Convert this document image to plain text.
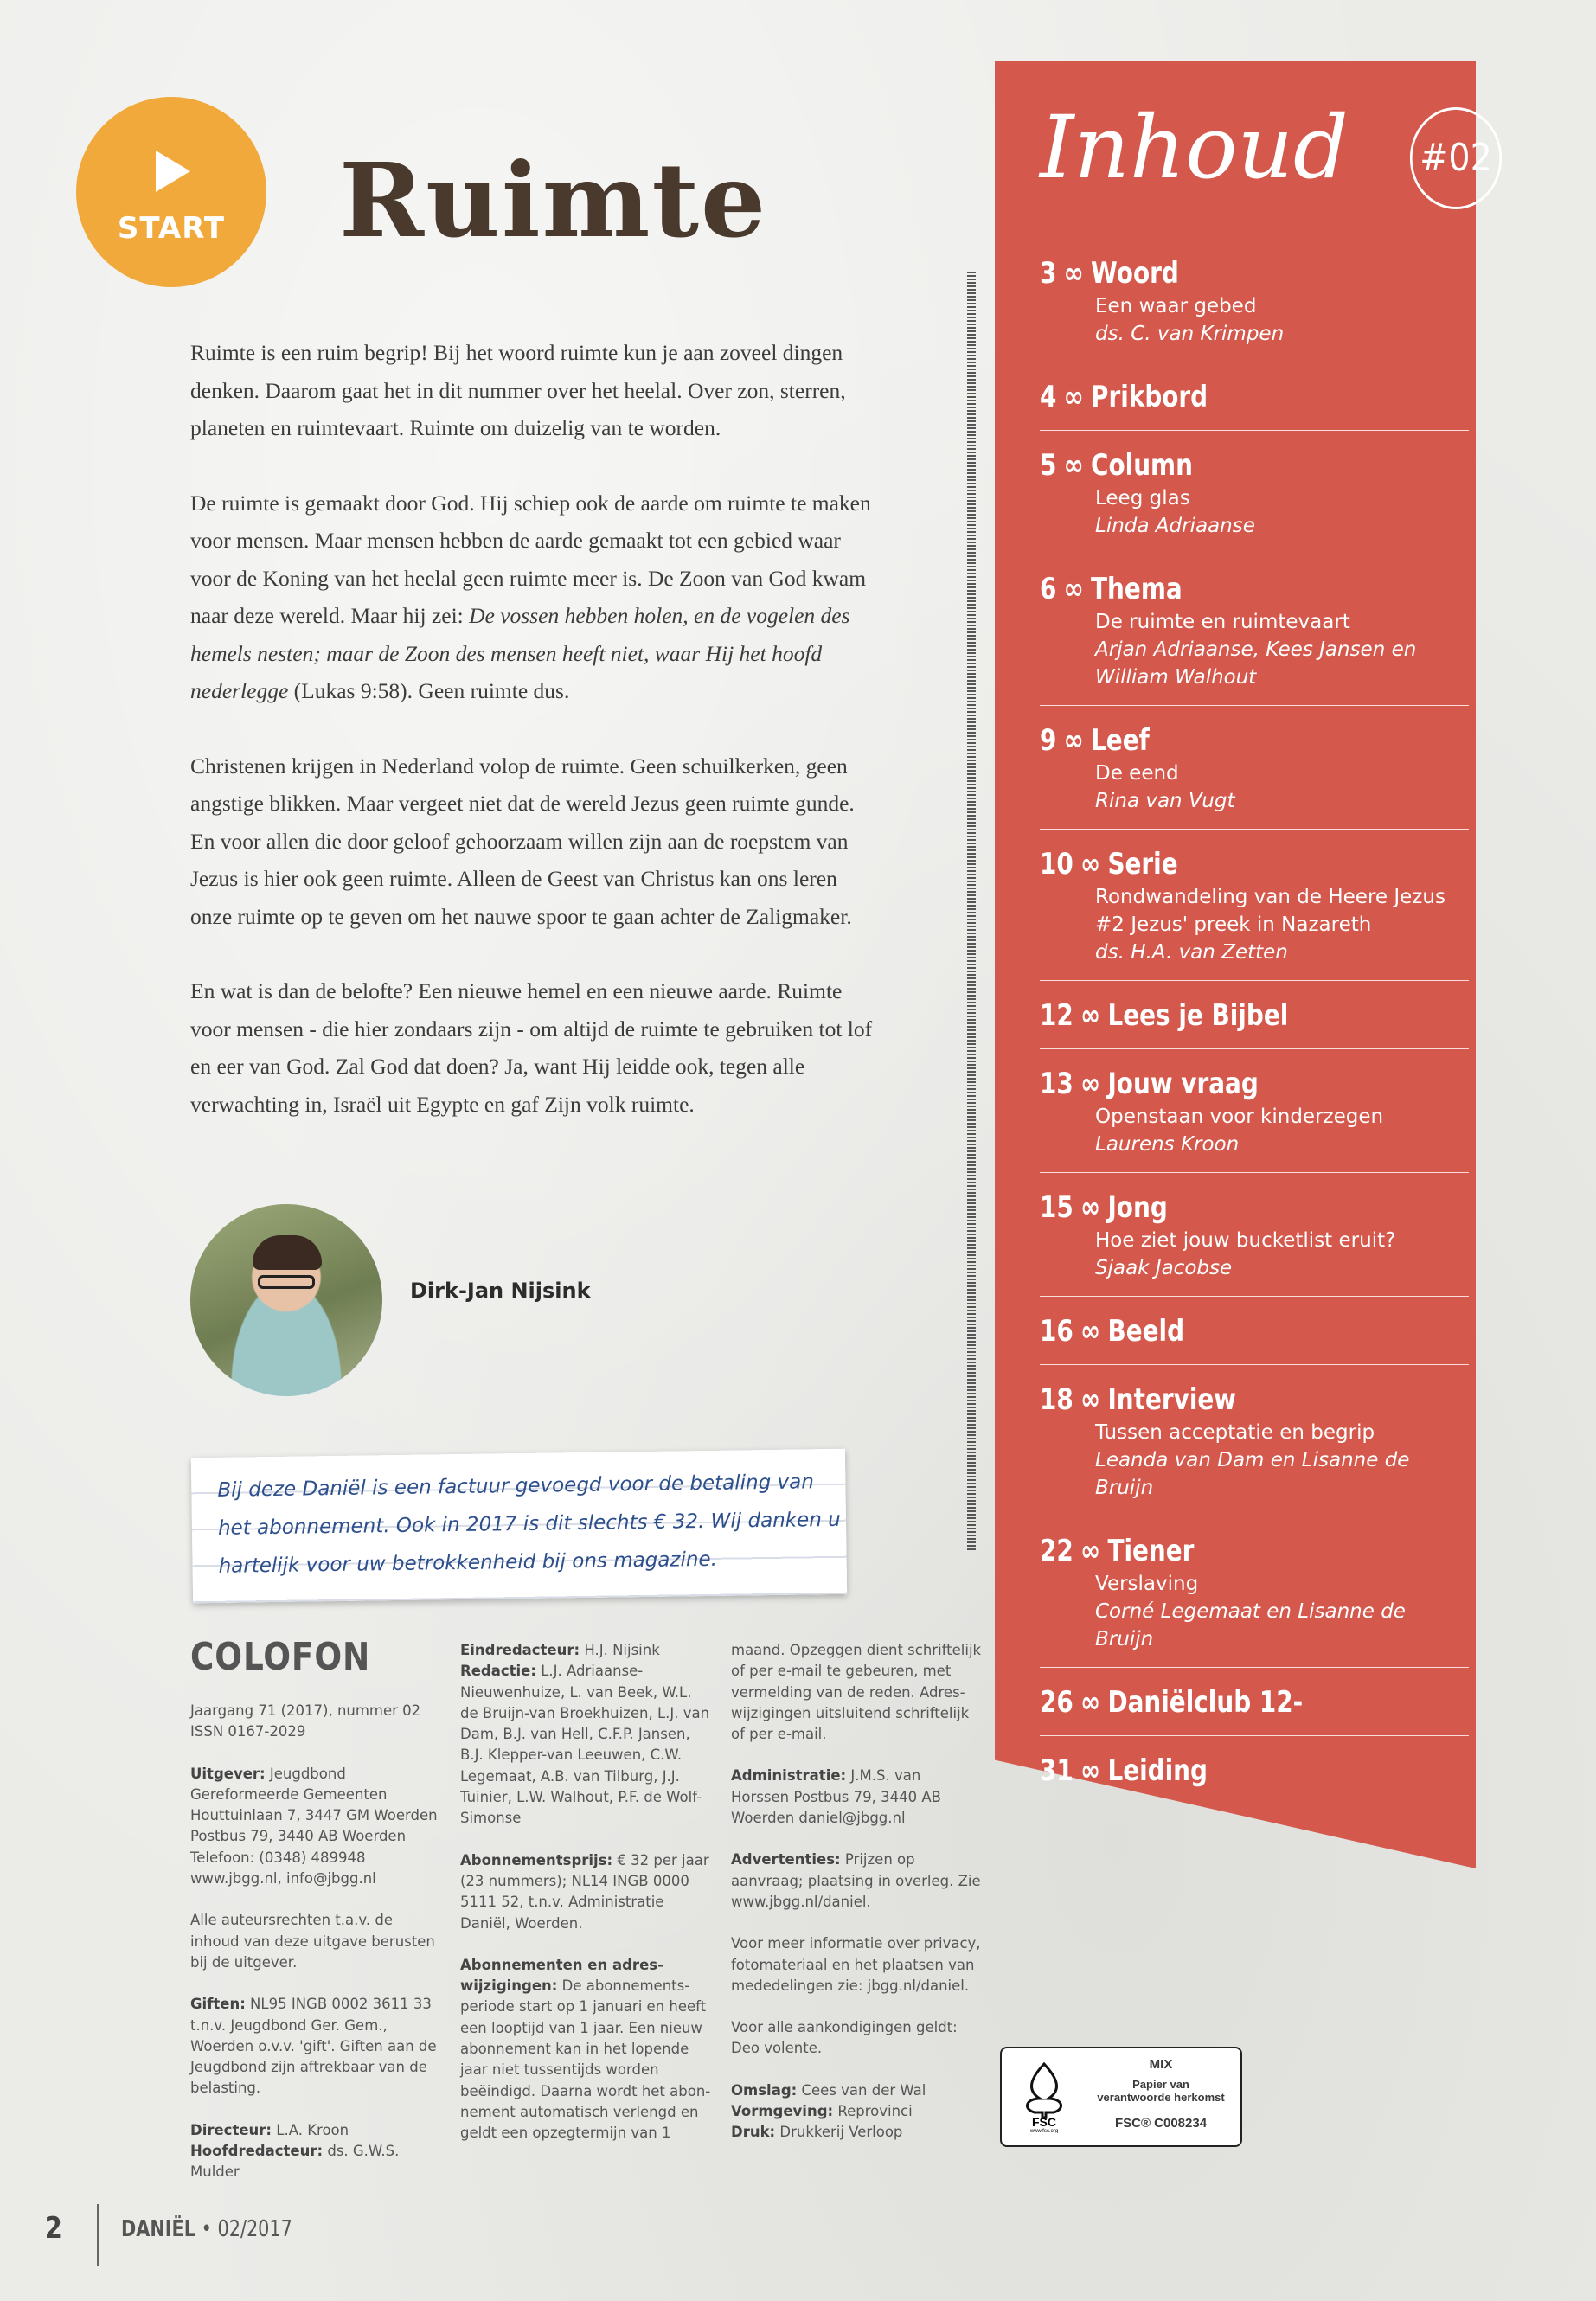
START	Ruimte

Ruimte is een ruim begrip! Bij het woord ruimte kun je aan zoveel dingen denken. Daarom gaat het in dit nummer over het heelal. Over zon, sterren, planeten en ruimtevaart. Ruimte om duizelig van te worden.

De ruimte is gemaakt door God. Hij schiep ook de aarde om ruimte te maken voor mensen. Maar mensen hebben de aarde gemaakt tot een gebied waar voor de Koning van het heelal geen ruimte meer is. De Zoon van God kwam naar deze wereld. Maar hij zei: De vossen hebben holen, en de vogelen des hemels nesten; maar de Zoon des mensen heeft niet, waar Hij het hoofd nederlegge (Lukas 9:58). Geen ruimte dus.

Christenen krijgen in Nederland volop de ruimte. Geen schuilkerken, geen angstige blikken. Maar vergeet niet dat de wereld Jezus geen ruimte gunde. En voor allen die door geloof gehoorzaam willen zijn aan de roepstem van Jezus is hier ook geen ruimte. Alleen de Geest van Christus kan ons leren onze ruimte op te geven om het nauwe spoor te gaan achter de Zaligmaker.

En wat is dan de belofte? Een nieuwe hemel en een nieuwe aarde. Ruimte voor mensen - die hier zondaars zijn - om altijd de ruimte te gebruiken tot lof en eer van God. Zal God dat doen? Ja, want Hij leidde ook, tegen alle verwachting in, Israël uit Egypte en gaf Zijn volk ruimte.

Dirk-Jan Nijsink
Bij deze Daniël is een factuur gevoegd voor de betaling van het abonnement. Ook in 2017 is dit slechts € 32. Wij danken u hartelijk voor uw betrokkenheid bij ons magazine.
COLOFON

Jaargang 71 (2017), nummer 02
ISSN 0167-2029

Uitgever: Jeugdbond Gereformeerde Gemeenten Houttuinlaan 7, 3447 GM Woerden Postbus 79, 3440 AB Woerden Telefoon: (0348) 489948 www.jbgg.nl, info@jbgg.nl

Alle auteursrechten t.a.v. de inhoud van deze uitgave berusten bij de uitgever.

Giften: NL95 INGB 0002 3611 33 t.n.v. Jeugdbond Ger. Gem., Woerden o.v.v. 'gift'. Giften aan de Jeugdbond zijn aftrekbaar van de belasting.

Directeur: L.A. Kroon
Hoofdredacteur: ds. G.W.S. Mulder

Eindredacteur: H.J. Nijsink
Redactie: L.J. Adriaanse-Nieuwenhuize, L. van Beek, W.L. de Bruijn-van Broekhuizen, L.J. van Dam, B.J. van Hell, C.F.P. Jansen, B.J. Klepper-van Leeuwen, C.W. Legemaat, A.B. van Tilburg, J.J. Tuinier, L.W. Walhout, P.F. de Wolf-Simonse

Abonnementsprijs: € 32 per jaar (23 nummers); NL14 INGB 0000 5111 52, t.n.v. Administratie Daniël, Woerden.

Abonnementen en adres-wijzigingen: De abonnements-periode start op 1 januari en heeft een looptijd van 1 jaar. Een nieuw abonnement kan in het lopende jaar niet tussentijds worden beëindigd. Daarna wordt het abon-nement automatisch verlengd en geldt een opzegtermijn van 1

maand. Opzeggen dient schriftelijk of per e-mail te gebeuren, met vermelding van de reden. Adres-wijzigingen uitsluitend schriftelijk of per e-mail.

Administratie: J.M.S. van Horssen Postbus 79, 3440 AB Woerden daniel@jbgg.nl

Advertenties: Prijzen op aanvraag; plaatsing in overleg. Zie www.jbgg.nl/daniel.

Voor meer informatie over privacy, fotomateriaal en het plaatsen van mededelingen zie: jbgg.nl/daniel.

Voor alle aankondigingen geldt: Deo volente.

Omslag: Cees van der Wal
Vormgeving: Reprovinci
Druk: Drukkerij Verloop

Inhoud #02
3 ∞ Woord
Een waar gebed
ds. C. van Krimpen
4 ∞ Prikbord
5 ∞ Column
Leeg glas
Linda Adriaanse
6 ∞ Thema
De ruimte en ruimtevaart
Arjan Adriaanse, Kees Jansen en William Walhout
9 ∞ Leef
De eend
Rina van Vugt
10 ∞ Serie
Rondwandeling van de Heere Jezus #2 Jezus' preek in Nazareth
ds. H.A. van Zetten
12 ∞ Lees je Bijbel
13 ∞ Jouw vraag
Openstaan voor kinderzegen
Laurens Kroon
15 ∞ Jong
Hoe ziet jouw bucketlist eruit?
Sjaak Jacobse
16 ∞ Beeld
18 ∞ Interview
Tussen acceptatie en begrip
Leanda van Dam en Lisanne de Bruijn
22 ∞ Tiener
Verslaving
Corné Legemaat en Lisanne de Bruijn
26 ∞ Daniëlclub 12-
31 ∞ Leiding
FSC
www.fsc.org
MIX
Papier van
verantwoorde herkomst
FSC® C008234
2	DANIËL • 02/2017
